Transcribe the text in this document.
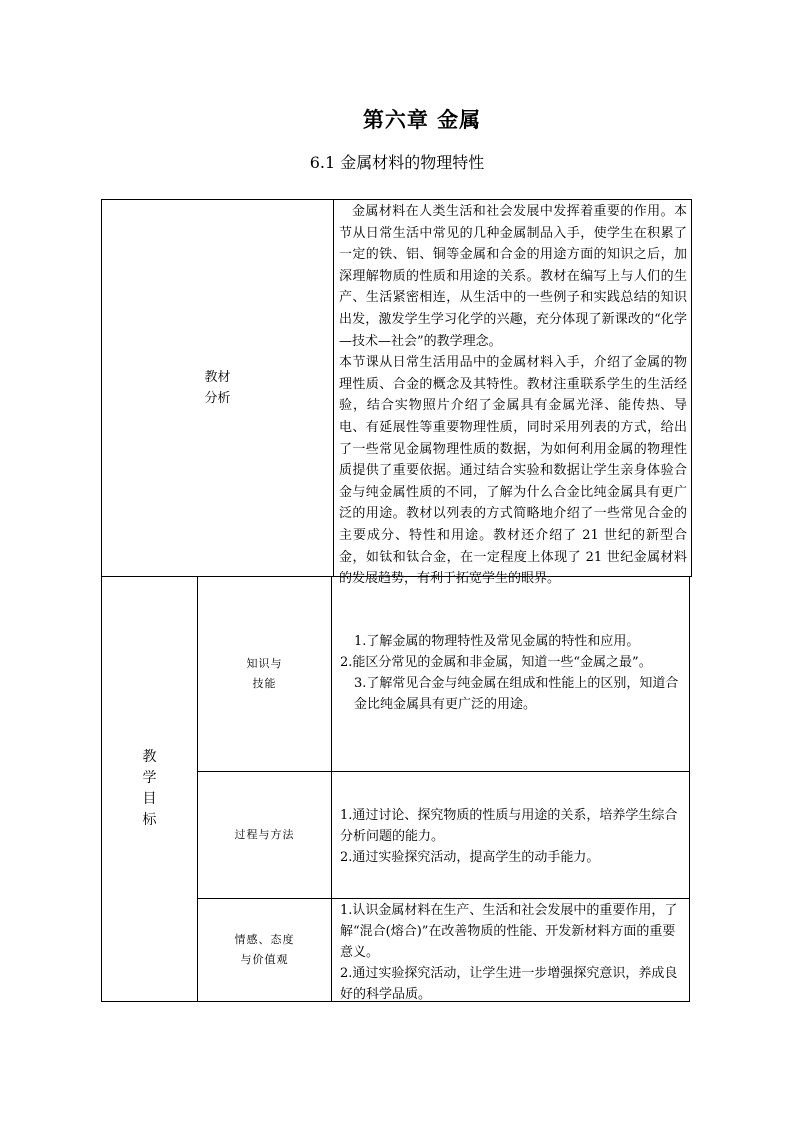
第六章 金属
6.1 金属材料的物理特性
教材
分析

金属材料在人类生活和社会发展中发挥着重要的作用。本节从日常生活中常见的几种金属制品入手，使学生在积累了一定的铁、铝、铜等金属和合金的用途方面的知识之后，加深理解物质的性质和用途的关系。教材在编写上与人们的生产、生活紧密相连，从生活中的一些例子和实践总结的知识出发，激发学生学习化学的兴趣，充分体现了新课改的“化学—技术—社会”的教学理念。

本节课从日常生活用品中的金属材料入手，介绍了金属的物理性质、合金的概念及其特性。教材注重联系学生的生活经验，结合实物照片介绍了金属具有金属光泽、能传热、导电、有延展性等重要物理性质，同时采用列表的方式，给出了一些常见金属物理性质的数据，为如何利用金属的物理性质提供了重要依据。通过结合实验和数据让学生亲身体验合金与纯金属性质的不同，了解为什么合金比纯金属具有更广泛的用途。教材以列表的方式简略地介绍了一些常见合金的主要成分、特性和用途。教材还介绍了 21 世纪的新型合金，如钛和钛合金，在一定程度上体现了 21 世纪金属材料的发展趋势，有利于拓宽学生的眼界。

教学目标
知识与
技能

1.了解金属的物理特性及常见金属的特性和应用。

2.能区分常见的金属和非金属，知道一些“金属之最”。

3.了解常见合金与纯金属在组成和性能上的区别，知道合金比纯金属具有更广泛的用途。

过程与方法

1.通过讨论、探究物质的性质与用途的关系，培养学生综合分析问题的能力。

2.通过实验探究活动，提高学生的动手能力。

情感、态度
与价值观

1.认识金属材料在生产、生活和社会发展中的重要作用，了解“混合(熔合)”在改善物质的性能、开发新材料方面的重要意义。

2.通过实验探究活动，让学生进一步增强探究意识，养成良好的科学品质。
